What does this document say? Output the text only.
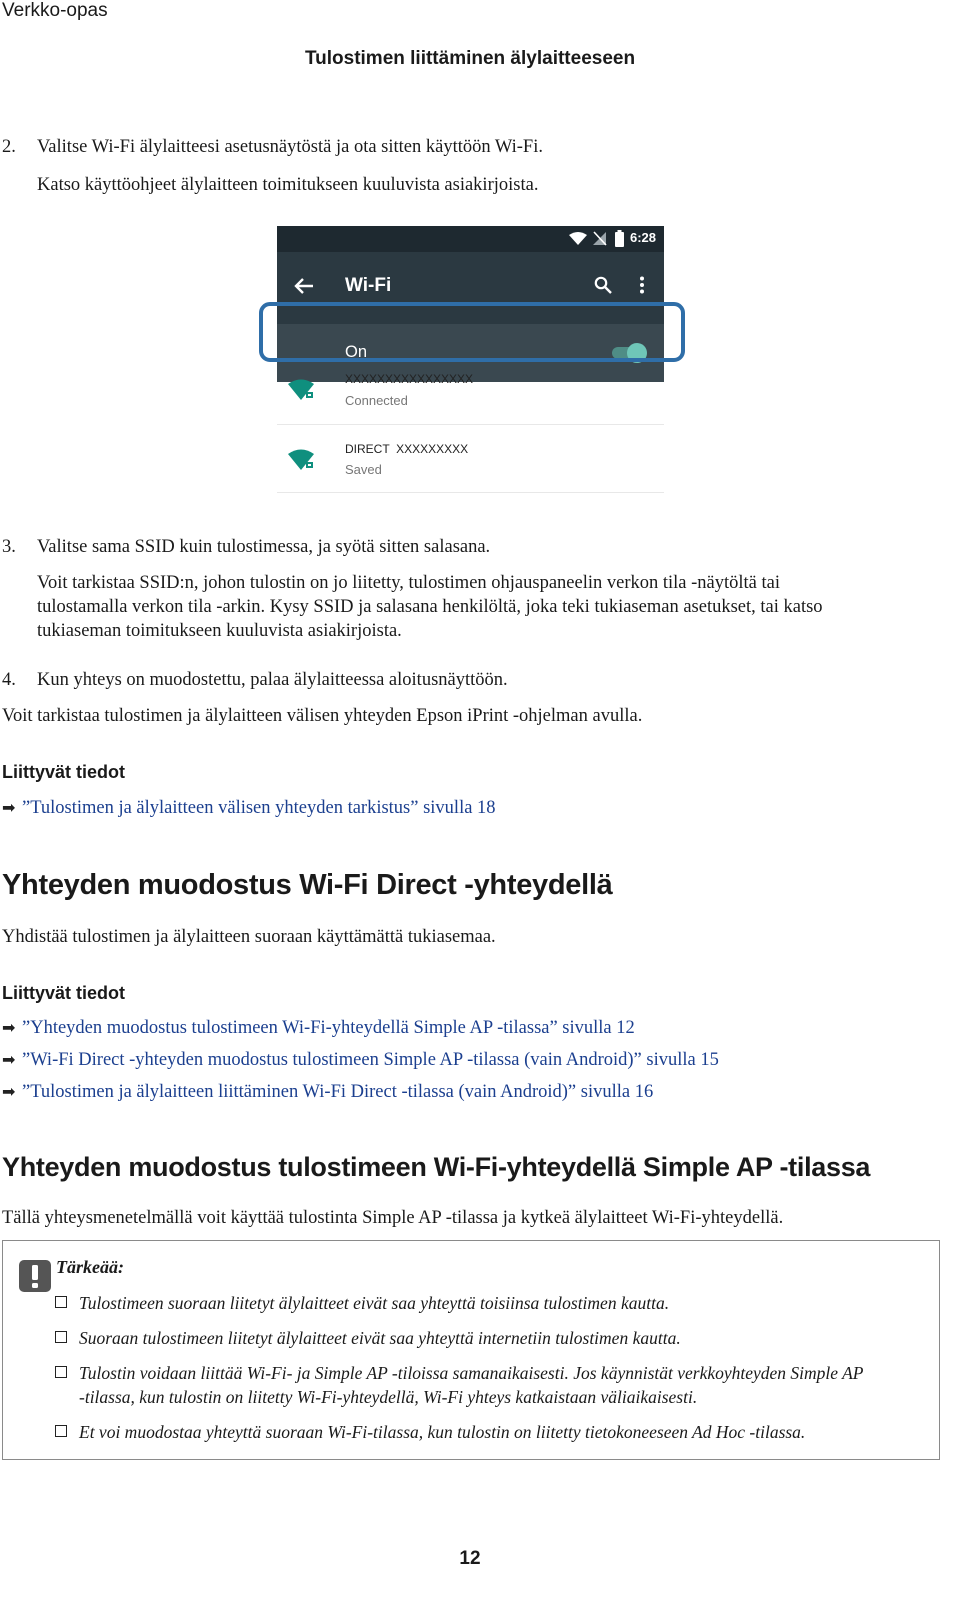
Verkko-opas
Tulostimen liittäminen älylaitteeseen
2. Valitse Wi-Fi älylaitteesi asetusnäytöstä ja ota sitten käyttöön Wi-Fi.
Katso käyttöohjeet älylaitteen toimitukseen kuuluvista asiakirjoista.
6:28
Wi-Fi
On
XXXXXXXXXXXXXXXX
Connected
DIRECT  XXXXXXXXX
Saved
3. Valitse sama SSID kuin tulostimessa, ja syötä sitten salasana.
Voit tarkistaa SSID:n, johon tulostin on jo liitetty, tulostimen ohjauspaneelin verkon tila -näytöltä tai
tulostamalla verkon tila -arkin. Kysy SSID ja salasana henkilöltä, joka teki tukiaseman asetukset, tai katso
tukiaseman toimitukseen kuuluvista asiakirjoista.
4. Kun yhteys on muodostettu, palaa älylaitteessa aloitusnäyttöön.
Voit tarkistaa tulostimen ja älylaitteen välisen yhteyden Epson iPrint -ohjelman avulla.
Liittyvät tiedot
➡ ”Tulostimen ja älylaitteen välisen yhteyden tarkistus” sivulla 18
Yhteyden muodostus Wi-Fi Direct -yhteydellä
Yhdistää tulostimen ja älylaitteen suoraan käyttämättä tukiasemaa.
Liittyvät tiedot
➡ ”Yhteyden muodostus tulostimeen Wi-Fi-yhteydellä Simple AP -tilassa” sivulla 12
➡ ”Wi-Fi Direct -yhteyden muodostus tulostimeen Simple AP -tilassa (vain Android)” sivulla 15
➡ ”Tulostimen ja älylaitteen liittäminen Wi-Fi Direct -tilassa (vain Android)” sivulla 16
Yhteyden muodostus tulostimeen Wi-Fi-yhteydellä Simple AP -tilassa
Tällä yhteysmenetelmällä voit käyttää tulostinta Simple AP -tilassa ja kytkeä älylaitteet Wi-Fi-yhteydellä.
Tärkeää:
Tulostimeen suoraan liitetyt älylaitteet eivät saa yhteyttä toisiinsa tulostimen kautta.
Suoraan tulostimeen liitetyt älylaitteet eivät saa yhteyttä internetiin tulostimen kautta.
Tulostin voidaan liittää Wi-Fi- ja Simple AP -tiloissa samanaikaisesti. Jos käynnistät verkkoyhteyden Simple AP
-tilassa, kun tulostin on liitetty Wi-Fi-yhteydellä, Wi-Fi yhteys katkaistaan väliaikaisesti.
Et voi muodostaa yhteyttä suoraan Wi-Fi-tilassa, kun tulostin on liitetty tietokoneeseen Ad Hoc -tilassa.
12
